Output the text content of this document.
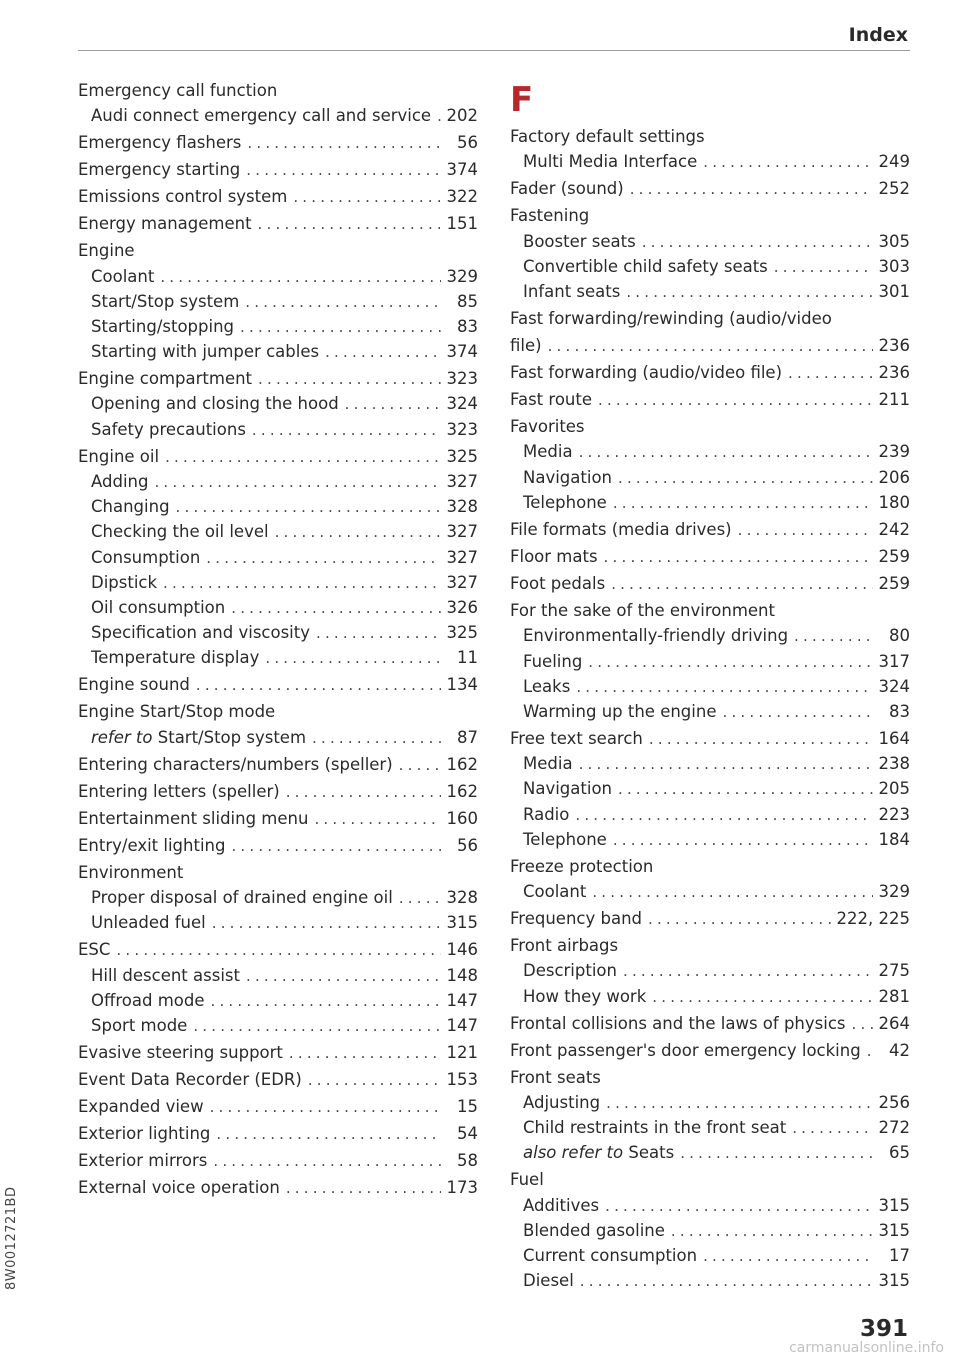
Index
Emergency call function
Audi connect emergency call and service ..... 202
Emergency flashers .....	56
Emergency starting .....	374
Emissions control system .....	322
Energy management .....	151
Engine
Coolant .....	329
Start/Stop system .....	85
Starting/stopping .....	83
Starting with jumper cables .....	374
Engine compartment .....	323
Opening and closing the hood .....	324
Safety precautions .....	323
Engine oil .....	325
Adding .....	327
Changing .....	328
Checking the oil level .....	327
Consumption .....	327
Dipstick .....	327
Oil consumption .....	326
Specification and viscosity .....	325
Temperature display .....	11
Engine sound .....	134
Engine Start/Stop mode
refer to Start/Stop system .....	87
Entering characters/numbers (speller) .....	162
Entering letters (speller) .....	162
Entertainment sliding menu .....	160
Entry/exit lighting .....	56
Environment
Proper disposal of drained engine oil .....	328
Unleaded fuel .....	315
ESC .....	146
Hill descent assist .....	148
Offroad mode .....	147
Sport mode .....	147
Evasive steering support .....	121
Event Data Recorder (EDR) .....	153
Expanded view .....	15
Exterior lighting .....	54
Exterior mirrors .....	58
External voice operation .....	173
F
Factory default settings
Multi Media Interface .....	249
Fader (sound) .....	252
Fastening
Booster seats .....	305
Convertible child safety seats .....	303
Infant seats .....	301
Fast forwarding/rewinding (audio/video
file) .....	236
Fast forwarding (audio/video file) .....	236
Fast route .....	211
Favorites
Media .....	239
Navigation .....	206
Telephone .....	180
File formats (media drives) .....	242
Floor mats .....	259
Foot pedals .....	259
For the sake of the environment
Environmentally-friendly driving .....	80
Fueling .....	317
Leaks .....	324
Warming up the engine .....	83
Free text search .....	164
Media .....	238
Navigation .....	205
Radio .....	223
Telephone .....	184
Freeze protection
Coolant .....	329
Frequency band .....	222, 225
Front airbags
Description .....	275
How they work .....	281
Frontal collisions and the laws of physics ..... 264
Front passenger's door emergency locking .....	42
Front seats
Adjusting .....	256
Child restraints in the front seat .....	272
also refer to Seats .....	65
Fuel
Additives .....	315
Blended gasoline .....	315
Current consumption .....	17
Diesel .....	315
8W0012721BD
391
carmanualsonline.info
